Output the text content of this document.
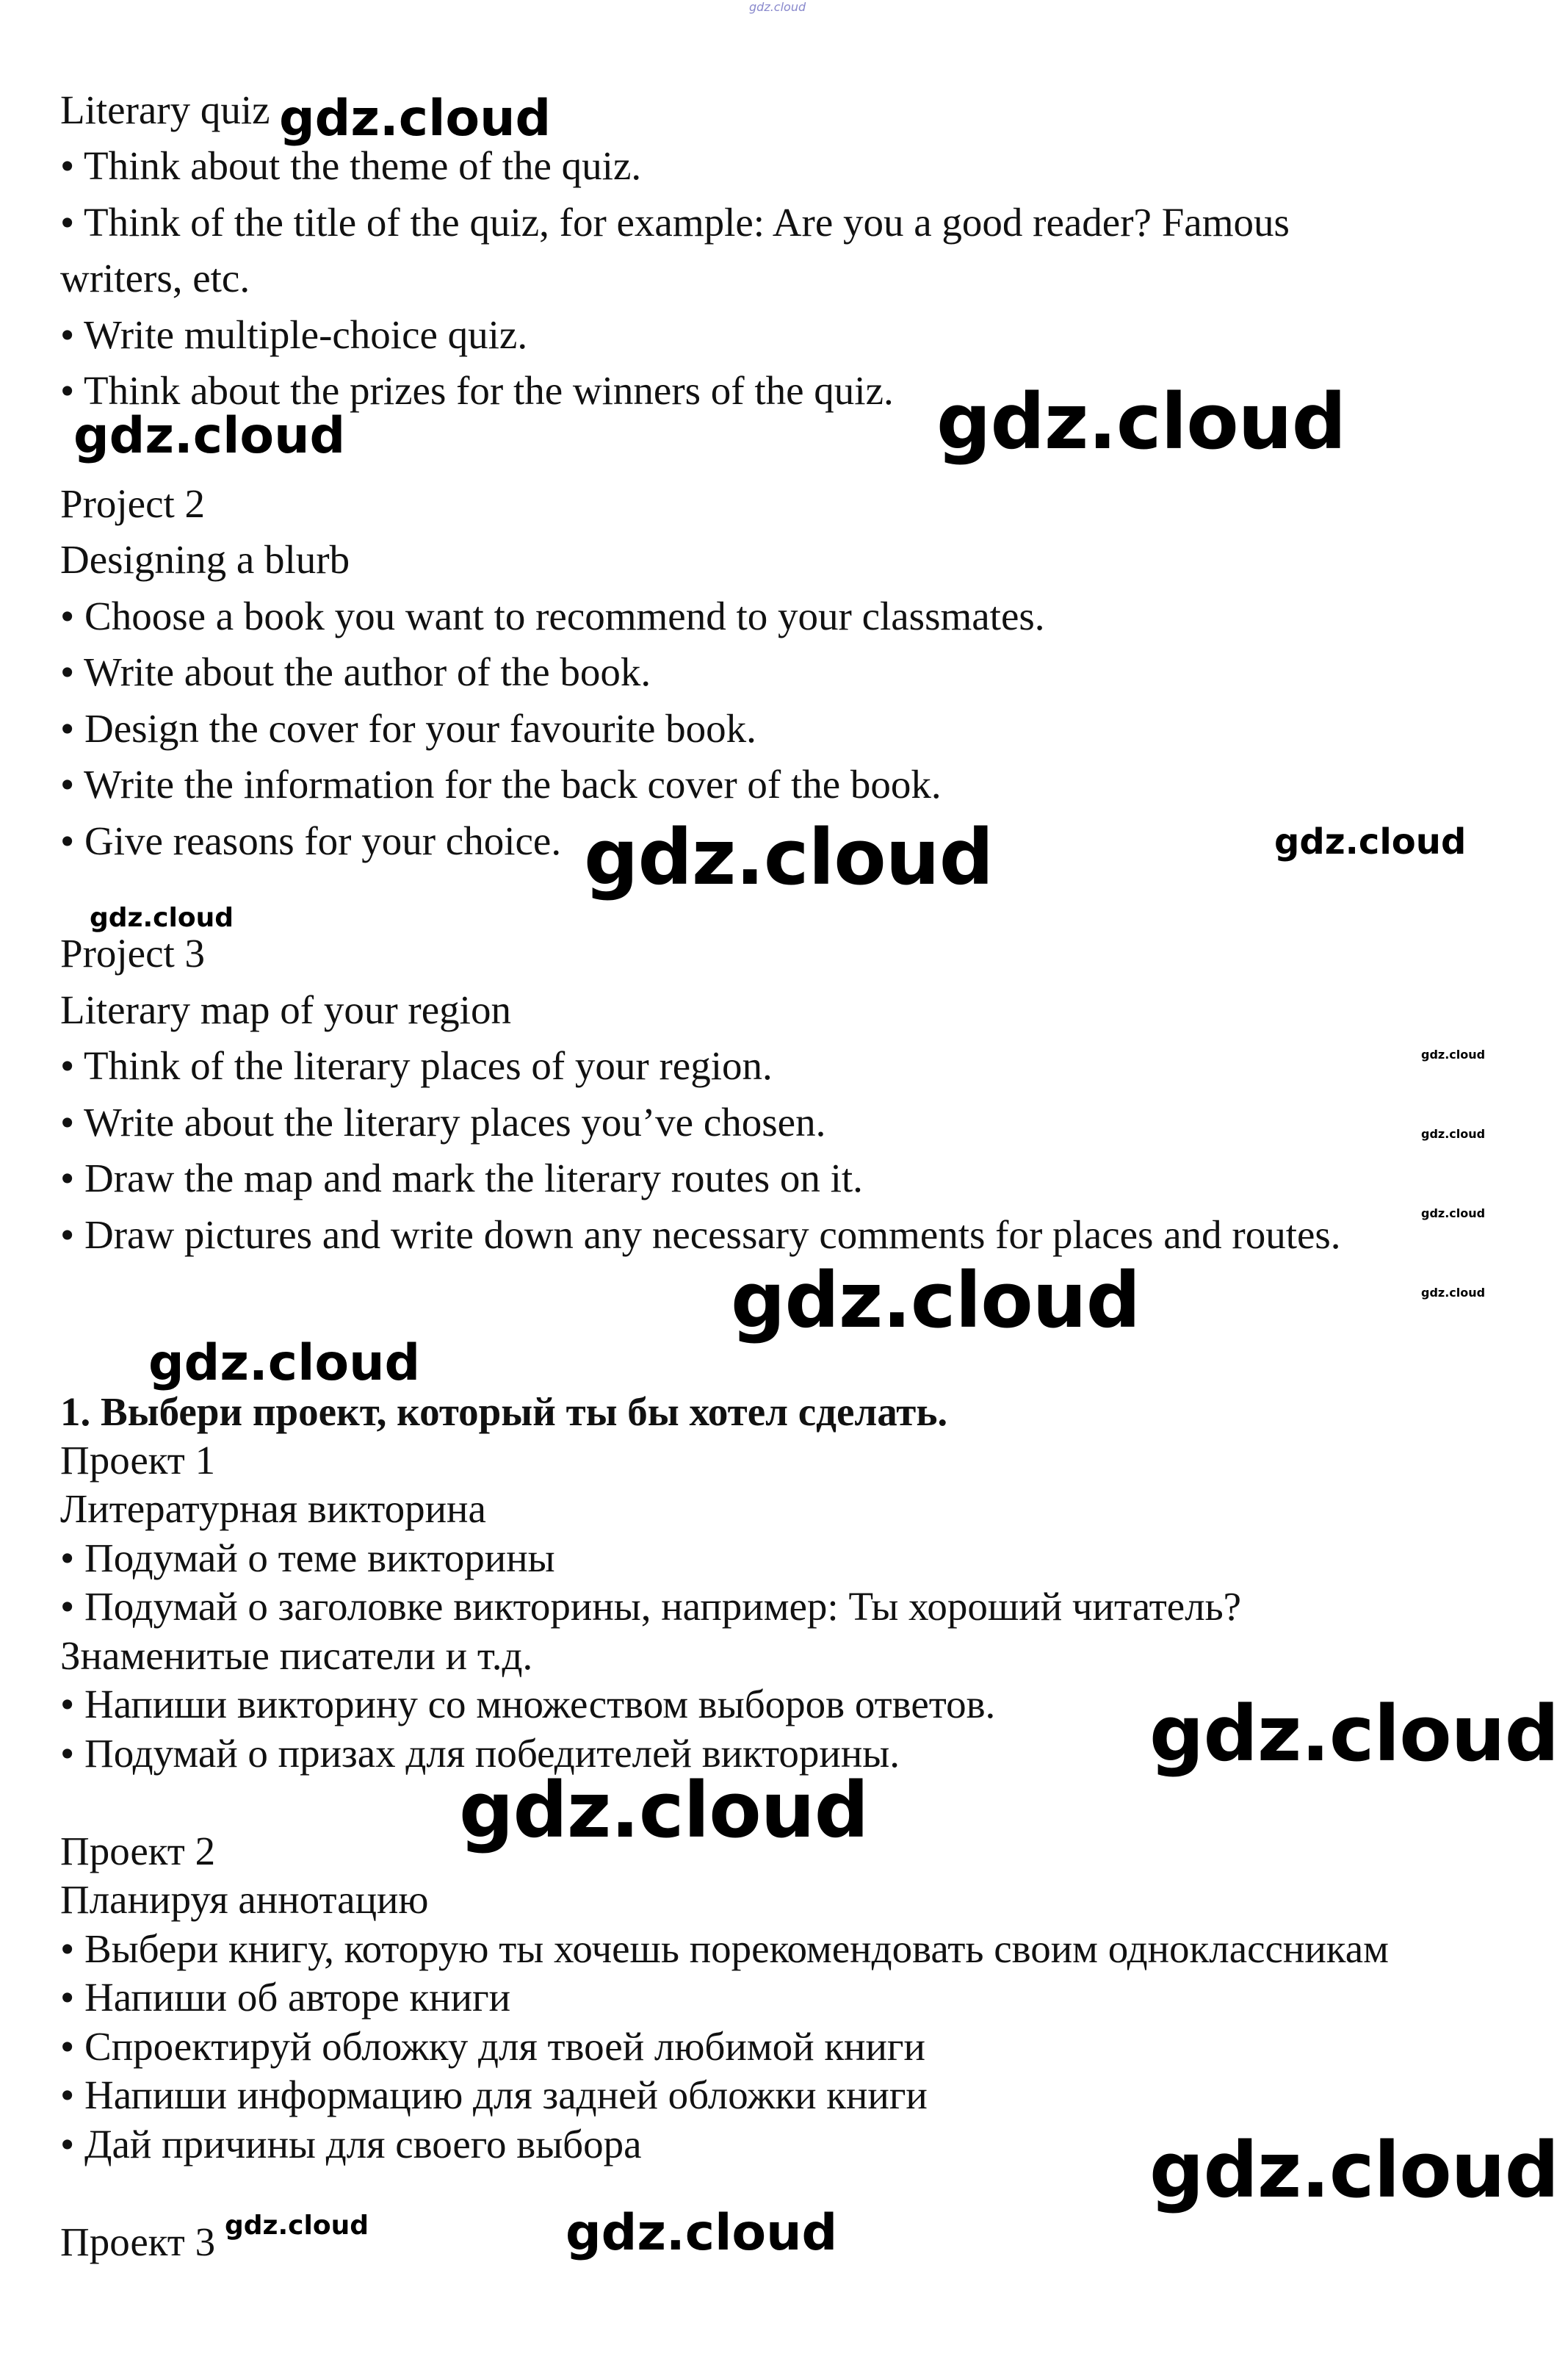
Literary quiz
• Think about the theme of the quiz.
• Think of the title of the quiz, for example: Are you a good reader? Famous
writers, etc.
• Write multiple-choice quiz.
• Think about the prizes for the winners of the quiz.
Project 2
Designing a blurb
• Choose a book you want to recommend to your classmates.
• Write about the author of the book.
• Design the cover for your favourite book.
• Write the information for the back cover of the book.
• Give reasons for your choice.
Project 3
Literary map of your region
• Think of the literary places of your region.
• Write about the literary places you’ve chosen.
• Draw the map and mark the literary routes on it.
• Draw pictures and write down any necessary comments for places and routes.
1. Выбери проект, который ты бы хотел сделать.
Проект 1
Литературная викторина
• Подумай о теме викторины
• Подумай о заголовке викторины, например: Ты хороший читатель?
Знаменитые писатели и т.д.
• Напиши викторину со множеством выборов ответов.
• Подумай о призах для победителей викторины.
Проект 2
Планируя аннотацию
• Выбери книгу, которую ты хочешь порекомендовать своим одноклассникам
• Напиши об авторе книги
• Спроектируй обложку для твоей любимой книги
• Напиши информацию для задней обложки книги
• Дай причины для своего выбора
Проект 3
gdz.cloud
gdz.cloud
gdz.cloud
gdz.cloud
gdz.cloud	gdz.cloud
gdz.cloud
gdz.cloud
gdz.cloud
gdz.cloud
gdz.cloud
gdz.cloud
gdz.cloud
gdz.cloud
gdz.cloud
gdz.cloud
gdz.cloud	gdz.cloud
